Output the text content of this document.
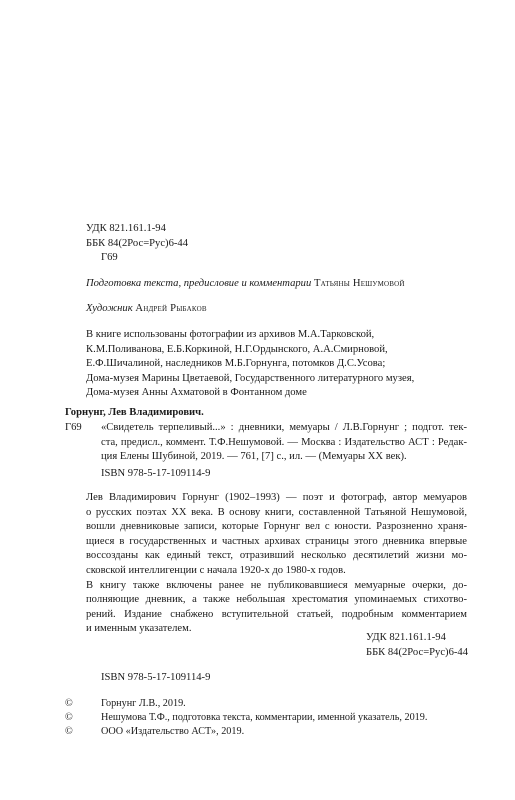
УДК 821.161.1-94
ББК 84(2Рос=Рус)6-44
Г69
Подготовка текста, предисловие и комментарии Татьяны Нешумовой
Художник Андрей Рыбаков
В книге использованы фотографии из архивов М.А.Тарковской,
К.М.Поливанова, Е.Б.Коркиной, Н.Г.Ордынского, А.А.Смирновой,
Е.Ф.Шичалиной, наследников М.Б.Горнунга, потомков Д.С.Усова;
Дома-музея Марины Цветаевой, Государственного литературного музея,
Дома-музея Анны Ахматовой в Фонтанном доме
Горнунг, Лев Владимирович.
Г69 «Свидетель терпеливый...» : дневники, мемуары / Л.В.Горнунг ; подгот. тек-
ста, предисл., коммент. Т.Ф.Нешумовой. — Москва : Издательство АСТ : Редак-
ция Елены Шубиной, 2019. — 761, [7] с., ил. — (Мемуары ХХ век).
ISBN 978-5-17-109114-9
Лев Владимирович Горнунг (1902–1993) — поэт и фотограф, автор мемуаров
о русских поэтах ХХ века. В основу книги, составленной Татьяной Нешумовой,
вошли дневниковые записи, которые Горнунг вел с юности. Разрозненно храня-
щиеся в государственных и частных архивах страницы этого дневника впервые
воссозданы как единый текст, отразивший несколько десятилетий жизни мо-
сковской интеллигенции с начала 1920-х до 1980-х годов.
В книгу также включены ранее не публиковавшиеся мемуарные очерки, до-
полняющие дневник, а также небольшая хрестоматия упоминаемых стихотво-
рений. Издание снабжено вступительной статьей, подробным комментарием
и именным указателем.
УДК 821.161.1-94
ББК 84(2Рос=Рус)6-44
ISBN 978-5-17-109114-9
©	Горнунг Л.В., 2019.
©	Нешумова Т.Ф., подготовка текста, комментарии, именной указатель, 2019.
©	ООО «Издательство АСТ», 2019.
